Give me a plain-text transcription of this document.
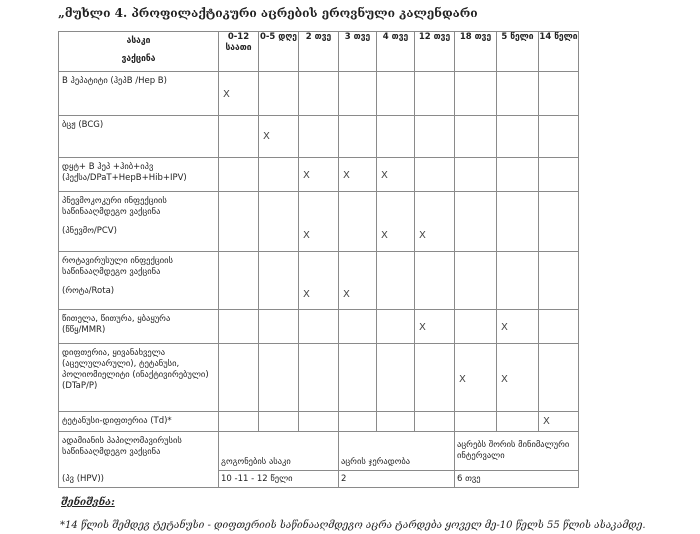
„მუხლი 4. პროფილაქტიკური აცრების ეროვნული კალენდარი
ასაკი
ვაქცინა	0-12 საათი	0-5 დღე	2 თვე	3 თვე	4 თვე	12 თვე	18 თვე	5 წელი	14 წელი

B ჰეპატიტი (ჰეპB /Hep B)	X								

ბცჟ (BCG)		X							

დყტ+ B ჰეპ +ჰიბ+იპვ
(ჰექსა/DPaT+HepB+Hib+IPV)			X	X	X				

პნევმოკოკური ინფექციის
საწინააღმდეგო ვაქცინა
(პნევმო/PCV)			X		X	X			

როტავირუსული ინფექციის
საწინააღმდეგო ვაქცინა
(როტა/Rota)			X	X					

წითელა, წითურა, ყბაყურა
(წწყ/MMR)						X		X	

დიფთერია, ყივანახველა
(აცელულარული), ტეტანუსი,
პოლიომიელიტი (ინაქტივირებული)
(DTaP/P)							X	X	

ტეტანუსი-დიფთერია (Td)*									X

ადამიანის პაპილომავირუსის
საწინააღმდეგო ვაქცინა
(პვ (HPV))	გოგონების ასაკი			აცრის ჯერადობა			აცრებს შორის მინიმალური ინტერვალი		
	10 -11 - 12 წელი			2			6 თვე		
შენიშვნა:
*14 წლის შემდეგ ტეტანუსი - დიფთერიის საწინააღმდეგო აცრა ტარდება ყოველ მე-10 წელს 55 წლის ასაკამდე.
